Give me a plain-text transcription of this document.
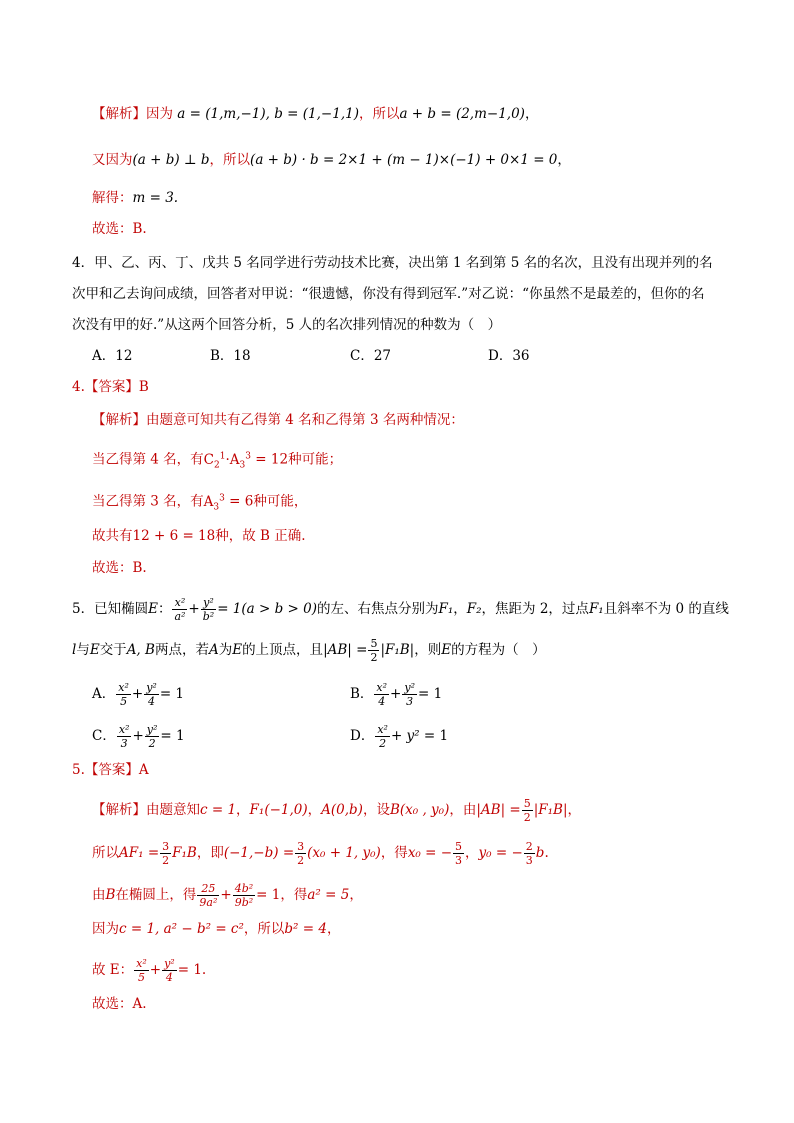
【解析】因为 a = (1,m,−1), b = (1,−1,1)，所以a + b = (2,m−1,0)，
又因为(a + b) ⊥ b，所以(a + b) · b = 2×1 + (m − 1)×(−1) + 0×1 = 0，
解得：m = 3.
故选：B.
4．甲、乙、丙、丁、戊共 5 名同学进行劳动技术比赛，决出第 1 名到第 5 名的名次，且没有出现并列的名
次甲和乙去询问成绩，回答者对甲说：“很遗憾，你没有得到冠军.”对乙说：“你虽然不是最差的，但你的名
次没有甲的好.”从这两个回答分析，5 人的名次排列情况的种数为（　）
A．12	B．18	C．27	D．36
4.【答案】B
【解析】由题意可知共有乙得第 4 名和乙得第 3 名两种情况：
当乙得第 4 名，有$C_2^1\cdot A_3^3 = 12$种可能；
当乙得第 3 名，有$A_3^3 = 6$种可能，
故共有12 + 6 = 18种，故 B 正确.
故选：B.
5．已知椭圆E： $\frac{\text{x²}}{\text{a²}} + \frac{\text{y²}}{\text{b²}} = 1(a > b > 0)$的左、右焦点分别为F₁，F₂，焦距为 2，过点F₁且斜率不为 0 的直线
l与E交于A, B两点，若A为E的上顶点，且$|AB| = \frac{5}{2} |F_1B|$，则E的方程为（　）
A． $\frac{\text{x²}}{5} + \frac{\text{y²}}{4} = 1$	B． $\frac{\text{x²}}{4} + \frac{\text{y²}}{3} = 1$
C． $\frac{\text{x²}}{3} + \frac{\text{y²}}{2} = 1$	D． $\frac{\text{x²}}{2} + y^2 = 1$
5.【答案】A
【解析】由题意知c = 1，F₁(−1,0)，A(0,b)，设B(x₀ , y₀)，由$|AB| = \frac{5}{2} |F_1B|$，
所以$AF_1 = \frac{3}{2} F_1B$，即$(-1,-b) = \frac{3}{2} (x_0 + 1$, y₀)，得x₀ = − $\frac{5}{3}$ ，y₀ = − $\frac{2}{3} b$.
由B在椭圆上，得 $\frac{25}{\text{9a²}} + \frac{\text{4b²}}{\text{9b²}} = 1$，得a² = 5，
因为c = 1, a² − b² = c²，所以b² = 4，
故 E： $\frac{\text{x²}}{5} + \frac{\text{y²}}{4} = 1$.
故选：A.
